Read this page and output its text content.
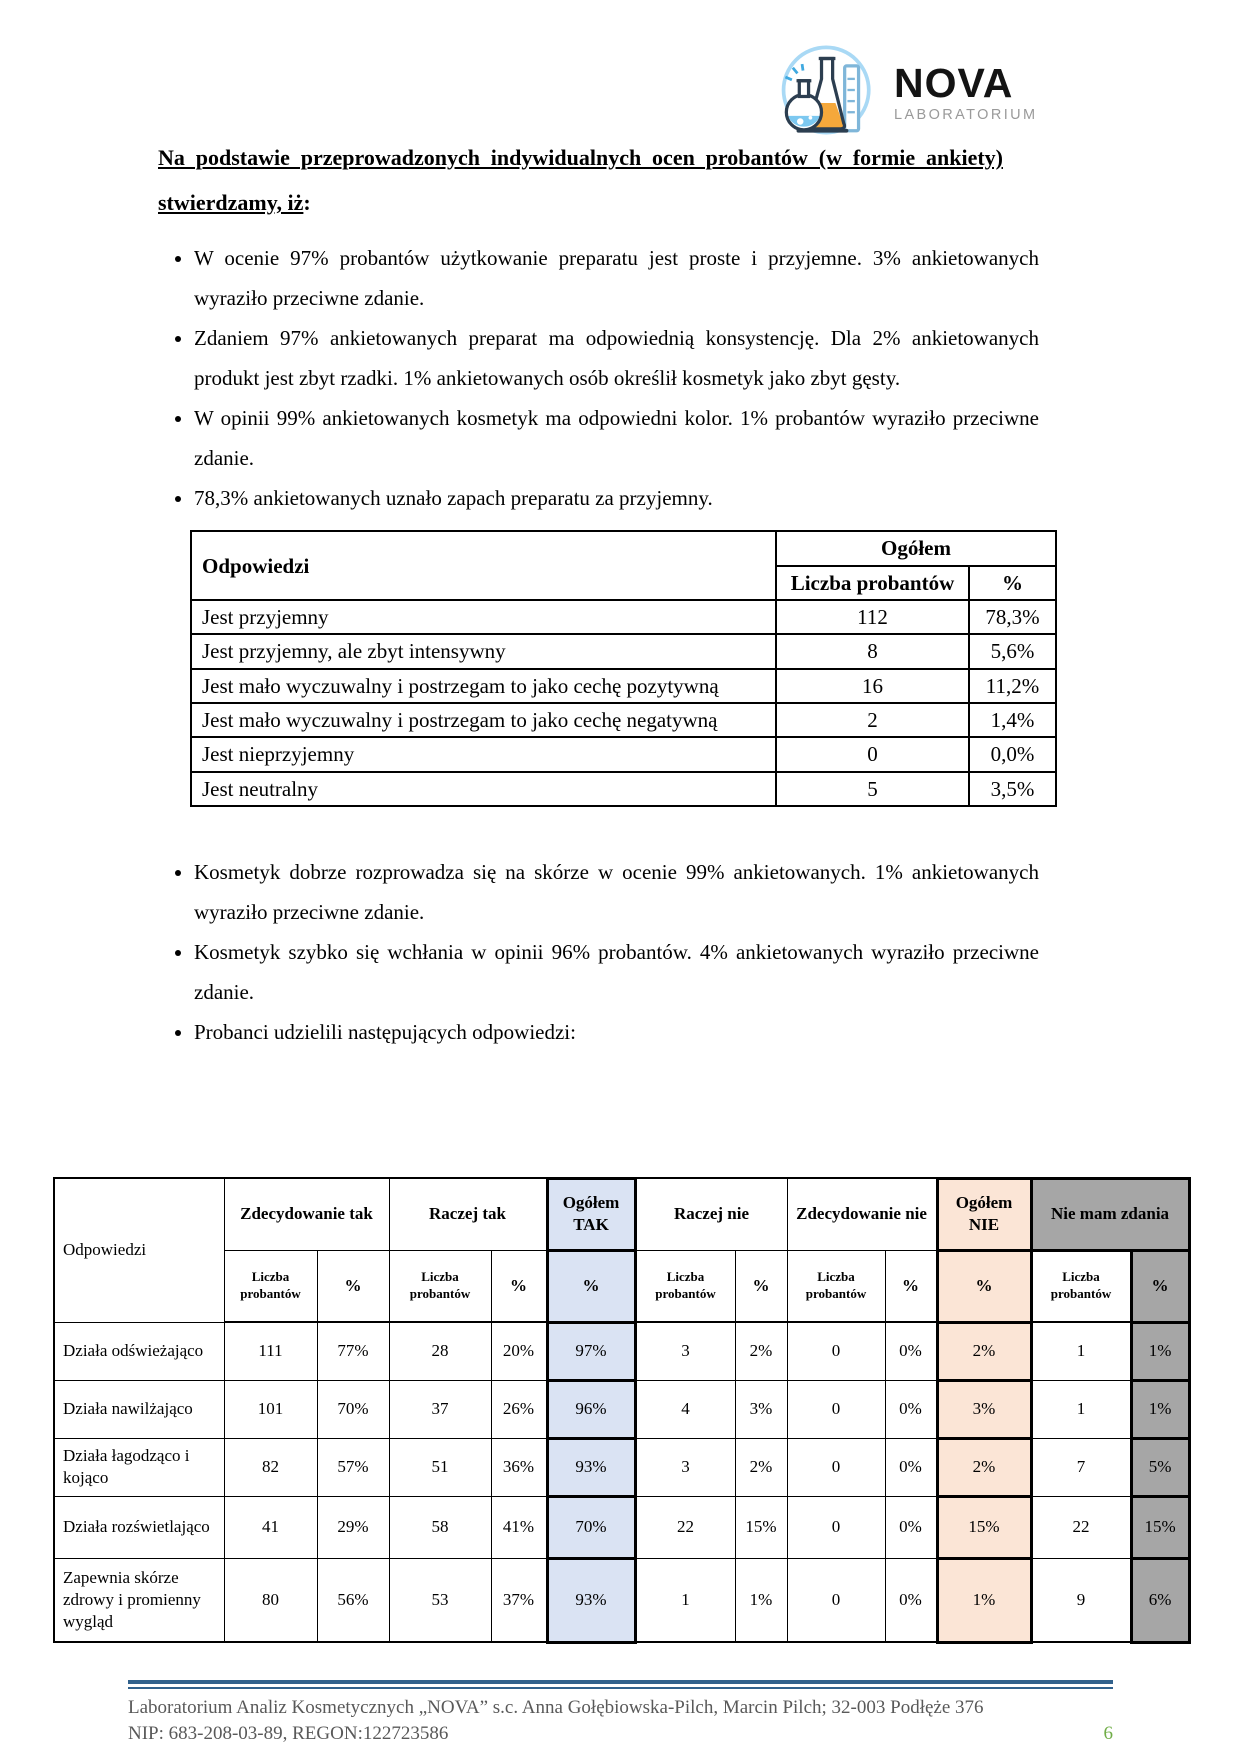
NOVA
LABORATORIUM

Na podstawie przeprowadzonych indywidualnych ocen probantów (w formie ankiety) stwierdzamy, iż:

• W ocenie 97% probantów użytkowanie preparatu jest proste i przyjemne. 3% ankietowanych wyraziło przeciwne zdanie.
• Zdaniem 97% ankietowanych preparat ma odpowiednią konsystencję. Dla 2% ankietowanych produkt jest zbyt rzadki. 1% ankietowanych osób określił kosmetyk jako zbyt gęsty.
• W opinii 99% ankietowanych kosmetyk ma odpowiedni kolor. 1% probantów wyraziło przeciwne zdanie.
• 78,3% ankietowanych uznało zapach preparatu za przyjemny.
Odpowiedzi	Ogółem	
	Liczba probantów	%
Jest przyjemny	112	78,3%
Jest przyjemny, ale zbyt intensywny	8	5,6%
Jest mało wyczuwalny i postrzegam to jako cechę pozytywną	16	11,2%
Jest mało wyczuwalny i postrzegam to jako cechę negatywną	2	1,4%
Jest nieprzyjemny	0	0,0%
Jest neutralny	5	3,5%
• Kosmetyk dobrze rozprowadza się na skórze w ocenie 99% ankietowanych. 1% ankietowanych wyraziło przeciwne zdanie.
• Kosmetyk szybko się wchłania w opinii 96% probantów. 4% ankietowanych wyraziło przeciwne zdanie.
• Probanci udzielili następujących odpowiedzi:
Odpowiedzi	Zdecydowanie tak		Raczej tak		Ogółem TAK	Raczej nie		Zdecydowanie nie		Ogółem NIE	Nie mam zdania	
	Liczba probantów	%	Liczba probantów	%	%	Liczba probantów	%	Liczba probantów	%	%	Liczba probantów	%
Działa odświeżająco	111	77%	28	20%	97%	3	2%	0	0%	2%	1	1%
Działa nawilżająco	101	70%	37	26%	96%	4	3%	0	0%	3%	1	1%
Działa łagodząco i kojąco	82	57%	51	36%	93%	3	2%	0	0%	2%	7	5%
Działa rozświetlająco	41	29%	58	41%	70%	22	15%	0	0%	15%	22	15%
Zapewnia skórze zdrowy i promienny wygląd	80	56%	53	37%	93%	1	1%	0	0%	1%	9	6%
Laboratorium Analiz Kosmetycznych „NOVA” s.c. Anna Gołębiowska-Pilch, Marcin Pilch; 32-003 Podłęże 376
NIP: 683-208-03-89, REGON:122723586	6
